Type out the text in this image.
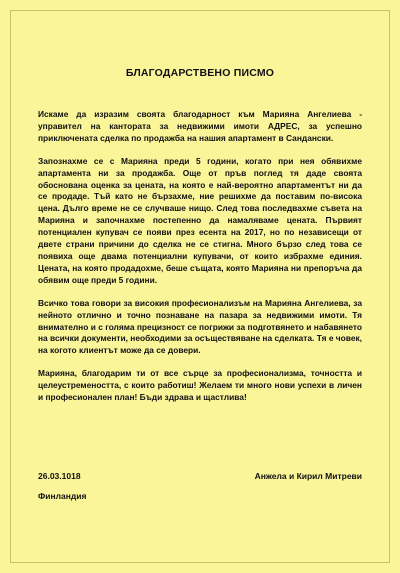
БЛАГОДАРСТВЕНО ПИСМО

Искаме да изразим своята благодарност към Марияна Ангелиева - управител на кантората за недвижими имоти АДРЕС, за успешно приключената сделка по продажба на нашия апартамент в Сандански.

Запознахме се с Марияна преди 5 години, когато при нея обявихме апартамента ни за продажба. Още от пръв поглед тя даде своята обоснована оценка за цената, на която е най-вероятно апартаментът ни да се продаде. Тъй като не бързахме, ние решихме да поставим по-висока цена. Дълго време не се случваше нищо. След това последвахме съвета на Марияна и започнахме постепенно да намаляваме цената. Първият потенциален купувач се появи през есента на 2017, но по независещи от двете страни причини до сделка не се стигна. Много бързо след това се появиха още двама потенциални купувачи, от които избрахме единия. Цената, на която продадохме, беше същата, която Марияна ни препоръча да обявим още преди 5 години.

Всичко това говори за високия професионализъм на Марияна Ангелиева, за нейното отлично и точно познаване на пазара за недвижими имоти. Тя внимателно и с голяма прецизност се погрижи за подготвянето и набавянето на всички документи, необходими за осъществяване на сделката. Тя е човек, на когото клиентът може да се довери.

Марияна, благодарим ти от все сърце за професионализма, точността и целеустремеността, с които работиш! Желаем ти много нови успехи в личен и професионален план! Бъди здрава и щастлива!

26.03.1018	Анжела и Кирил Митреви
Финландия
